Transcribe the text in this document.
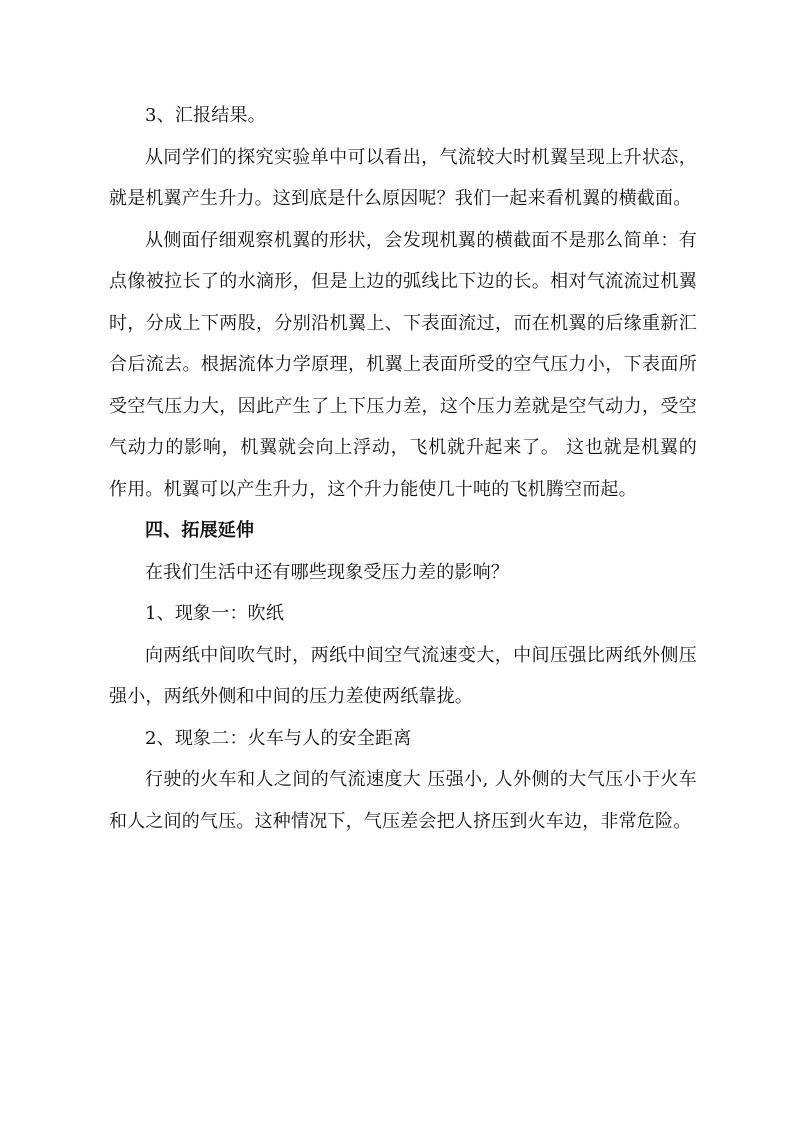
3、汇报结果。

从同学们的探究实验单中可以看出，气流较大时机翼呈现上升状态， 就是机翼产生升力。这到底是什么原因呢？我们一起来看机翼的横截面。

从侧面仔细观察机翼的形状，会发现机翼的横截面不是那么简单：有点像被拉长了的水滴形，但是上边的弧线比下边的长。相对气流流过机翼时，分成上下两股，分别沿机翼上、下表面流过，而在机翼的后缘重新汇合后流去。根据流体力学原理，机翼上表面所受的空气压力小，下表面所受空气压力大，因此产生了上下压力差，这个压力差就是空气动力，受空气动力的影响，机翼就会向上浮动，飞机就升起来了。 这也就是机翼的作用。机翼可以产生升力，这个升力能使几十吨的飞机腾空而起。

四、拓展延伸

在我们生活中还有哪些现象受压力差的影响？

1、现象一：吹纸

向两纸中间吹气时，两纸中间空气流速变大，中间压强比两纸外侧压强小，两纸外侧和中间的压力差使两纸靠拢。

2、现象二：火车与人的安全距离

行驶的火车和人之间的气流速度大 压强小, 人外侧的大气压小于火车和人之间的气压。这种情况下，气压差会把人挤压到火车边，非常危险。
